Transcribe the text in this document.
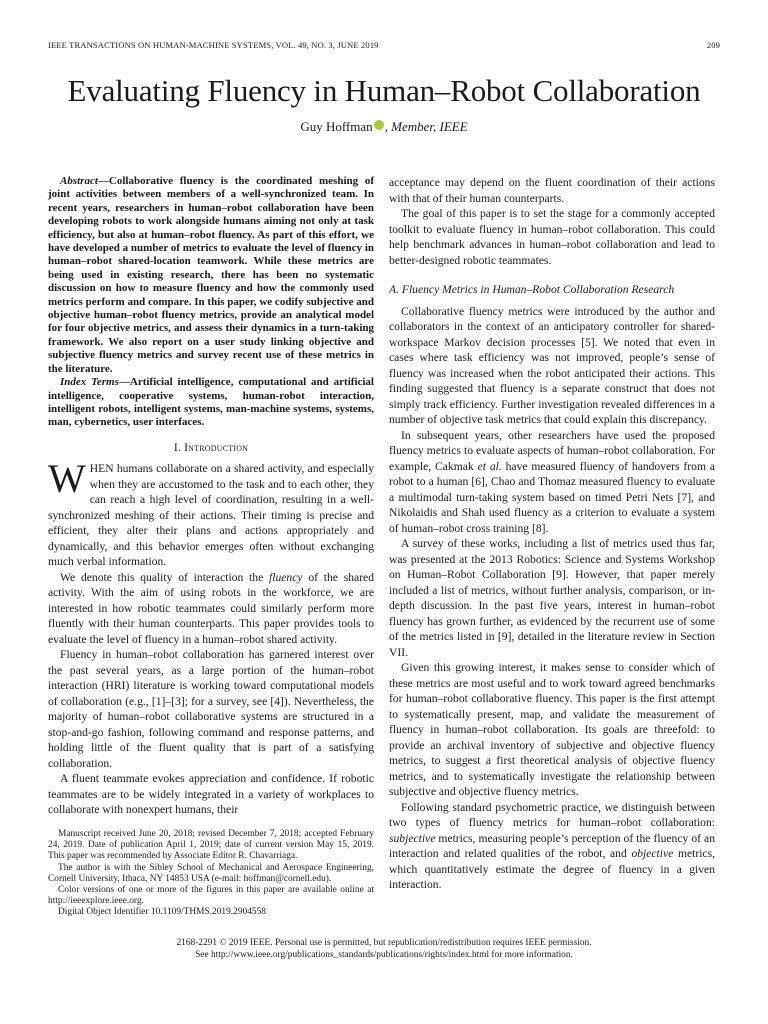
IEEE TRANSACTIONS ON HUMAN-MACHINE SYSTEMS, VOL. 49, NO. 3, JUNE 2019	209
Evaluating Fluency in Human–Robot Collaboration
Guy Hoffman , Member, IEEE

Abstract—Collaborative fluency is the coordinated meshing of joint activities between members of a well-synchronized team. In recent years, researchers in human–robot collaboration have been developing robots to work alongside humans aiming not only at task efficiency, but also at human–robot fluency. As part of this effort, we have developed a number of metrics to evaluate the level of fluency in human–robot shared-location teamwork. While these metrics are being used in existing research, there has been no systematic discussion on how to measure fluency and how the commonly used metrics perform and compare. In this paper, we codify subjective and objective human–robot fluency metrics, provide an analytical model for four objective metrics, and assess their dynamics in a turn-taking framework. We also report on a user study linking objective and subjective fluency metrics and survey recent use of these metrics in the literature.

Index Terms—Artificial intelligence, computational and artificial intelligence, cooperative systems, human-robot interaction, intelligent robots, intelligent systems, man-machine systems, systems, man, cybernetics, user interfaces.

I. Introduction

WHEN humans collaborate on a shared activity, and especially when they are accustomed to the task and to each other, they can reach a high level of coordination, resulting in a well-synchronized meshing of their actions. Their timing is precise and efficient, they alter their plans and actions appropriately and dynamically, and this behavior emerges often without exchanging much verbal information.

We denote this quality of interaction the fluency of the shared activity. With the aim of using robots in the workforce, we are interested in how robotic teammates could similarly perform more fluently with their human counterparts. This paper provides tools to evaluate the level of fluency in a human–robot shared activity.

Fluency in human–robot collaboration has garnered interest over the past several years, as a large portion of the human–robot interaction (HRI) literature is working toward computational models of collaboration (e.g., [1]–[3]; for a survey, see [4]). Nevertheless, the majority of human–robot collaborative systems are structured in a stop-and-go fashion, following command and response patterns, and holding little of the fluent quality that is part of a satisfying collaboration.

A fluent teammate evokes appreciation and confidence. If robotic teammates are to be widely integrated in a variety of workplaces to collaborate with nonexpert humans, their

Manuscript received June 20, 2018; revised December 7, 2018; accepted February 24, 2019. Date of publication April 1, 2019; date of current version May 15, 2019. This paper was recommended by Associate Editor R. Chavarriaga.

The author is with the Sibley School of Mechanical and Aerospace Engineering, Cornell University, Ithaca, NY 14853 USA (e-mail: hoffman@cornell.edu).

Color versions of one or more of the figures in this paper are available online at http://ieeexplore.ieee.org.

Digital Object Identifier 10.1109/THMS.2019.2904558

acceptance may depend on the fluent coordination of their actions with that of their human counterparts.

The goal of this paper is to set the stage for a commonly accepted toolkit to evaluate fluency in human–robot collaboration. This could help benchmark advances in human–robot collaboration and lead to better-designed robotic teammates.

A. Fluency Metrics in Human–Robot Collaboration Research

Collaborative fluency metrics were introduced by the author and collaborators in the context of an anticipatory controller for shared-workspace Markov decision processes [5]. We noted that even in cases where task efficiency was not improved, people’s sense of fluency was increased when the robot anticipated their actions. This finding suggested that fluency is a separate construct that does not simply track efficiency. Further investigation revealed differences in a number of objective task metrics that could explain this discrepancy.

In subsequent years, other researchers have used the proposed fluency metrics to evaluate aspects of human–robot collaboration. For example, Cakmak et al. have measured fluency of handovers from a robot to a human [6], Chao and Thomaz measured fluency to evaluate a multimodal turn-taking system based on timed Petri Nets [7], and Nikolaidis and Shah used fluency as a criterion to evaluate a system of human–robot cross training [8].

A survey of these works, including a list of metrics used thus far, was presented at the 2013 Robotics: Science and Systems Workshop on Human–Robot Collaboration [9]. However, that paper merely included a list of metrics, without further analysis, comparison, or in-depth discussion. In the past five years, interest in human–robot fluency has grown further, as evidenced by the recurrent use of some of the metrics listed in [9], detailed in the literature review in Section VII.

Given this growing interest, it makes sense to consider which of these metrics are most useful and to work toward agreed benchmarks for human–robot collaborative fluency. This paper is the first attempt to systematically present, map, and validate the measurement of fluency in human–robot collaboration. Its goals are threefold: to provide an archival inventory of subjective and objective fluency metrics, to suggest a first theoretical analysis of objective fluency metrics, and to systematically investigate the relationship between subjective and objective fluency metrics.

Following standard psychometric practice, we distinguish between two types of fluency metrics for human–robot collaboration: subjective metrics, measuring people’s perception of the fluency of an interaction and related qualities of the robot, and objective metrics, which quantitatively estimate the degree of fluency in a given interaction.

2168-2291 © 2019 IEEE. Personal use is permitted, but republication/redistribution requires IEEE permission.
See http://www.ieee.org/publications_standards/publications/rights/index.html for more information.
